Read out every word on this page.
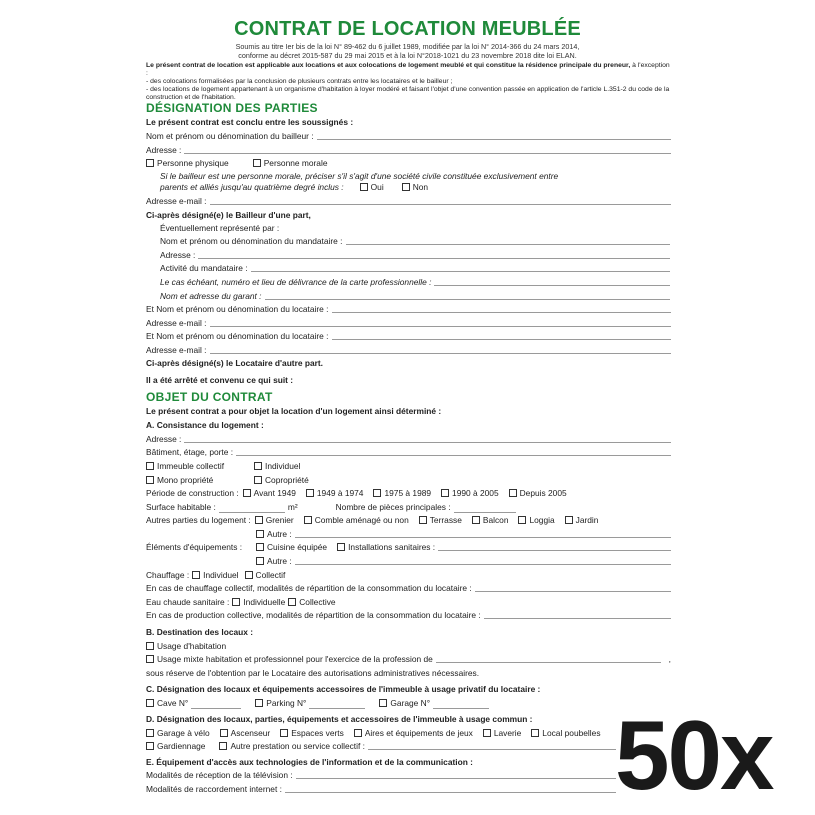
CONTRAT DE LOCATION MEUBLÉE
Soumis au titre Ier bis de la loi N° 89-462 du 6 juillet 1989, modifiée par la loi N° 2014-366 du 24 mars 2014,
conforme au décret 2015-587 du 29 mai 2015 et à la loi N°2018-1021 du 23 novembre 2018 dite loi ELAN.
Le présent contrat de location est applicable aux locations et aux colocations de logement meublé et qui constitue la résidence principale du preneur, à l'exception :
- des colocations formalisées par la conclusion de plusieurs contrats entre les locataires et le bailleur ;
- des locations de logement appartenant à un organisme d'habitation à loyer modéré et faisant l'objet d'une convention passée en application de l'article L.351-2 du code de la construction et de l'habitation.
DÉSIGNATION DES PARTIES
Le présent contrat est conclu entre les soussignés :
Nom et prénom ou dénomination du bailleur :
Adresse :
Personne physique	Personne morale
Si le bailleur est une personne morale, préciser s'il s'agit d'une société civile constituée exclusivement entre
parents et alliés jusqu'au quatrième degré inclus :	Oui	Non
Adresse e-mail :
Ci-après désigné(e) le Bailleur d'une part,
Éventuellement représenté par :
Nom et prénom ou dénomination du mandataire :
Adresse :
Activité du mandataire :
Le cas échéant, numéro et lieu de délivrance de la carte professionnelle :
Nom et adresse du garant :
Et Nom et prénom ou dénomination du locataire :
Adresse e-mail :
Et Nom et prénom ou dénomination du locataire :
Adresse e-mail :
Ci-après désigné(s) le Locataire d'autre part.
Il a été arrêté et convenu ce qui suit :
OBJET DU CONTRAT
Le présent contrat a pour objet la location d'un logement ainsi déterminé :
A. Consistance du logement :
Adresse :
Bâtiment, étage, porte :
Immeuble collectif	Individuel
Mono propriété	Copropriété
Période de construction : Avant 1949	1949 à 1974	1975 à 1989	1990 à 2005	Depuis 2005
Surface habitable :	m²	Nombre de pièces principales :
Autres parties du logement : Grenier	Comble aménagé ou non	Terrasse	Balcon	Loggia	Jardin
Autre :
Éléments d'équipements :	Cuisine équipée	Installations sanitaires :
Autre :
Chauffage : Individuel Collectif
En cas de chauffage collectif, modalités de répartition de la consommation du locataire :
Eau chaude sanitaire : Individuelle Collective
En cas de production collective, modalités de répartition de la consommation du locataire :
B. Destination des locaux :
Usage d'habitation
Usage mixte habitation et professionnel pour l'exercice de la profession de	,
sous réserve de l'obtention par le Locataire des autorisations administratives nécessaires.
C. Désignation des locaux et équipements accessoires de l'immeuble à usage privatif du locataire :
Cave N°	Parking N°	Garage N°
D. Désignation des locaux, parties, équipements et accessoires de l'immeuble à usage commun :
Garage à vélo	Ascenseur	Espaces verts	Aires et équipements de jeux	Laverie	Local poubelles
Gardiennage	Autre prestation ou service collectif :
E. Équipement d'accès aux technologies de l'information et de la communication :
Modalités de réception de la télévision :
Modalités de raccordement internet :	50x
